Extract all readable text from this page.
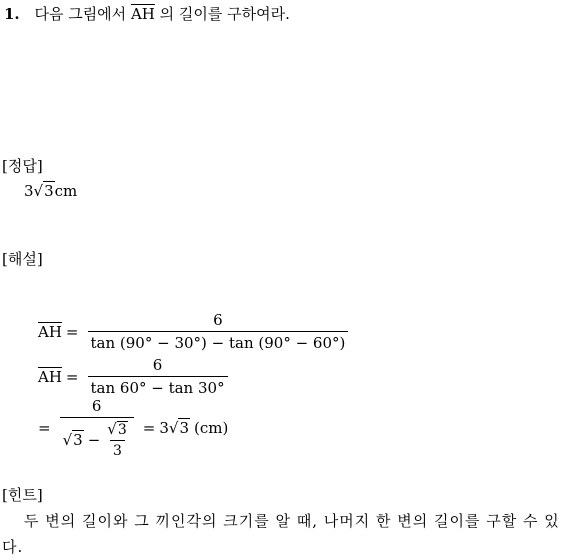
1. 다음 그림에서 $\overline{AH}$ 의 길이를 구하여라.
[정답]
3√3cm
[해설]
$\overline{AH} = \frac{6}{\tan (90^\circ - 30^\circ) - \tan (90^\circ - 60^\circ)}$
$\overline{AH} = \frac{6}{\tan 60^\circ - \tan 30^\circ}$
= $\frac{6}{√3 - \frac{√3}{3}} = 3$ √3 (cm)
[힌트]
두 변의 길이와 그 끼인각의 크기를 알 때, 나머지 한 변의 길이를 구할 수 있다.
